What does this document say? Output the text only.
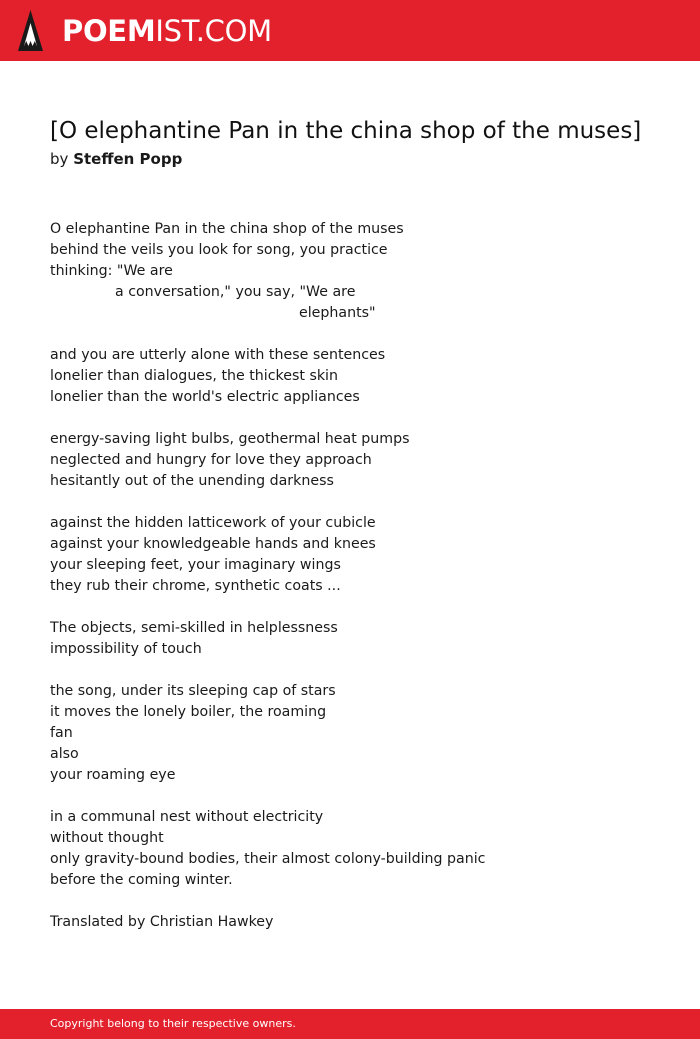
POEMIST.COM
[O elephantine Pan in the china shop of the muses]
by Steffen Popp
O elephantine Pan in the china shop of the muses
behind the veils you look for song, you practice
thinking: "We are
a conversation," you say, "We are
elephants"
and you are utterly alone with these sentences
lonelier than dialogues, the thickest skin
lonelier than the world's electric appliances
energy-saving light bulbs, geothermal heat pumps
neglected and hungry for love they approach
hesitantly out of the unending darkness
against the hidden latticework of your cubicle
against your knowledgeable hands and knees
your sleeping feet, your imaginary wings
they rub their chrome, synthetic coats ...
The objects, semi-skilled in helplessness
impossibility of touch
the song, under its sleeping cap of stars
it moves the lonely boiler, the roaming
fan
also
your roaming eye
in a communal nest without electricity
without thought
only gravity-bound bodies, their almost colony-building panic
before the coming winter.
Translated by Christian Hawkey
Copyright belong to their respective owners.
